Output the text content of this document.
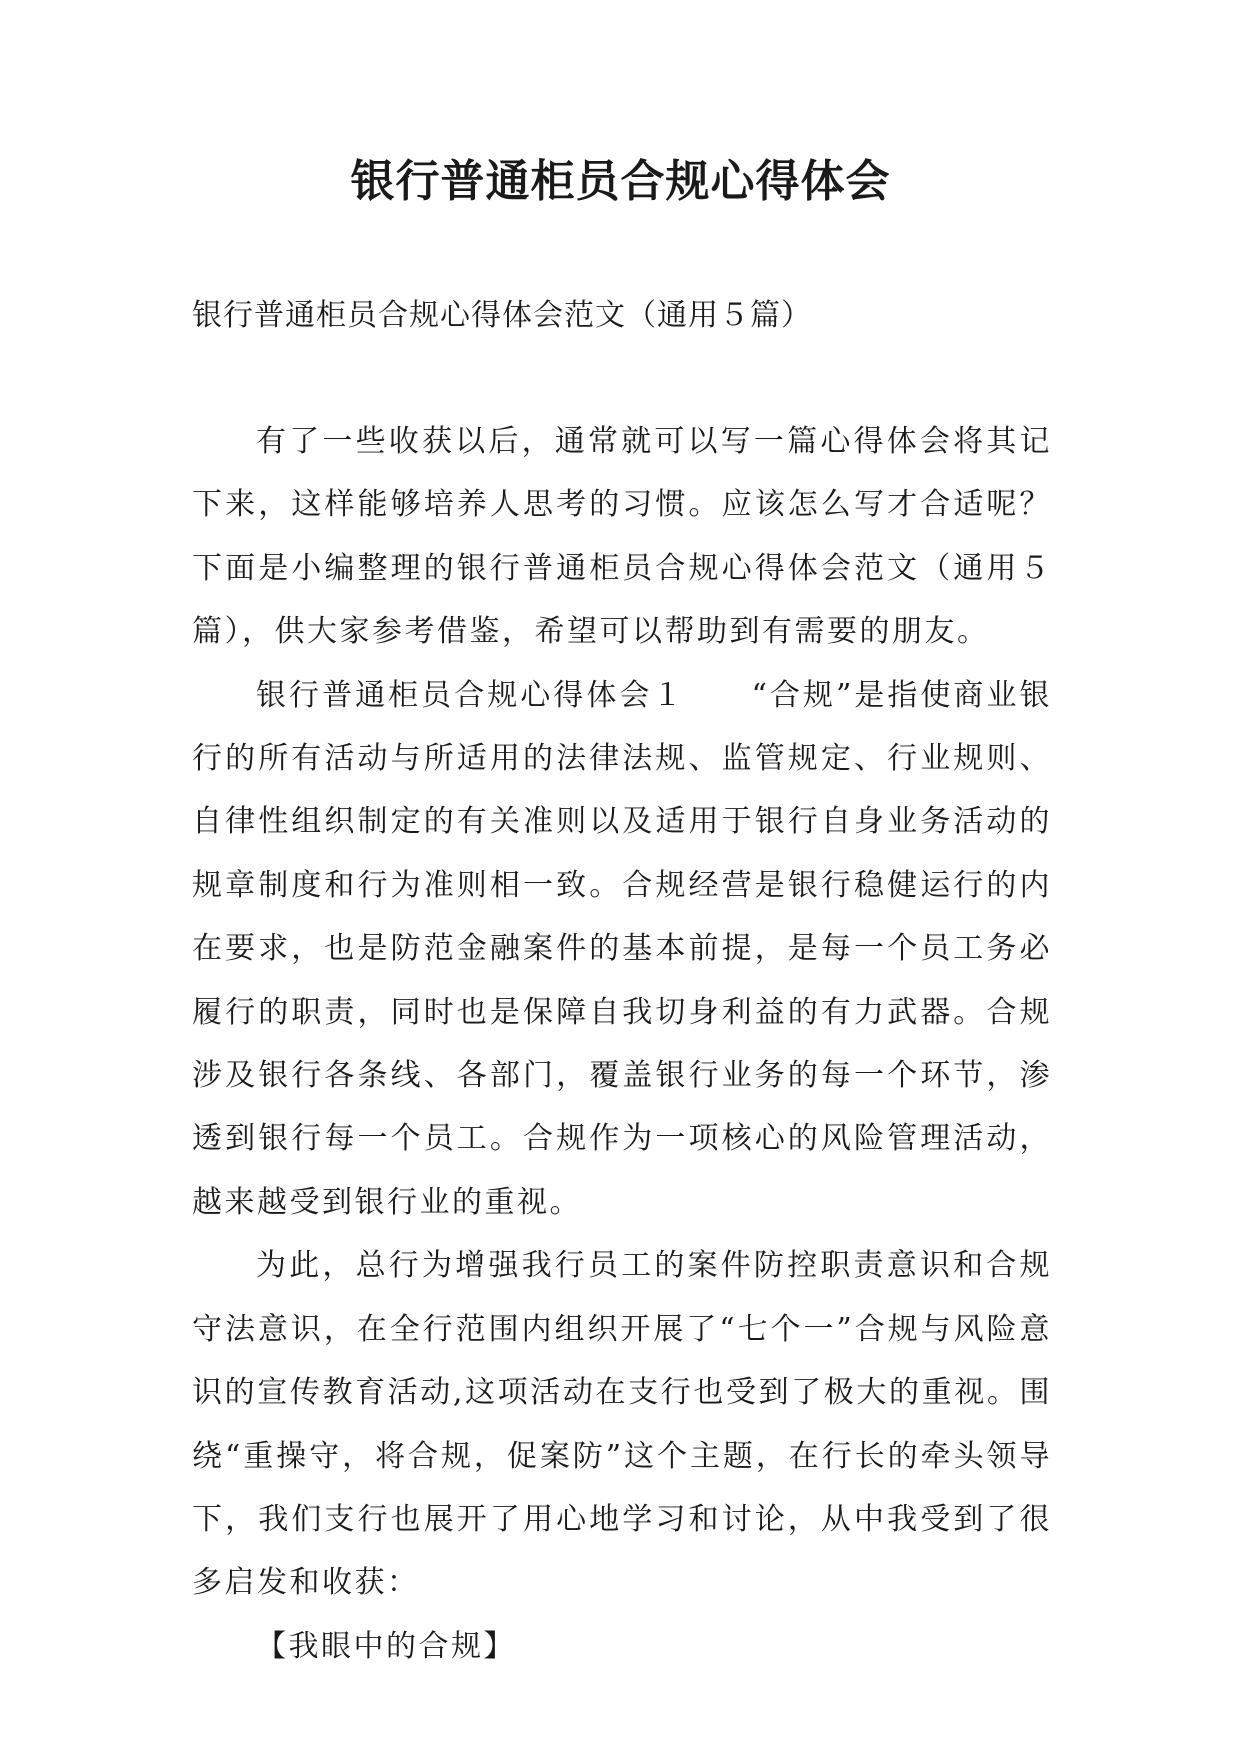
银行普通柜员合规心得体会
银行普通柜员合规心得体会范文（通用５篇）

有了一些收获以后，通常就可以写一篇心得体会将其记下来，这样能够培养人思考的习惯。应该怎么写才合适呢？下面是小编整理的银行普通柜员合规心得体会范文（通用５篇），供大家参考借鉴，希望可以帮助到有需要的朋友。

银行普通柜员合规心得体会１　　“合规”是指使商业银行的所有活动与所适用的法律法规、监管规定、行业规则、自律性组织制定的有关准则以及适用于银行自身业务活动的规章制度和行为准则相一致。合规经营是银行稳健运行的内在要求，也是防范金融案件的基本前提，是每一个员工务必履行的职责，同时也是保障自我切身利益的有力武器。合规涉及银行各条线、各部门，覆盖银行业务的每一个环节，渗透到银行每一个员工。合规作为一项核心的风险管理活动，越来越受到银行业的重视。

为此，总行为增强我行员工的案件防控职责意识和合规守法意识，在全行范围内组织开展了“七个一”合规与风险意识的宣传教育活动,这项活动在支行也受到了极大的重视。围绕“重操守，将合规，促案防”这个主题，在行长的牵头领导下，我们支行也展开了用心地学习和讨论，从中我受到了很多启发和收获：

【我眼中的合规】
